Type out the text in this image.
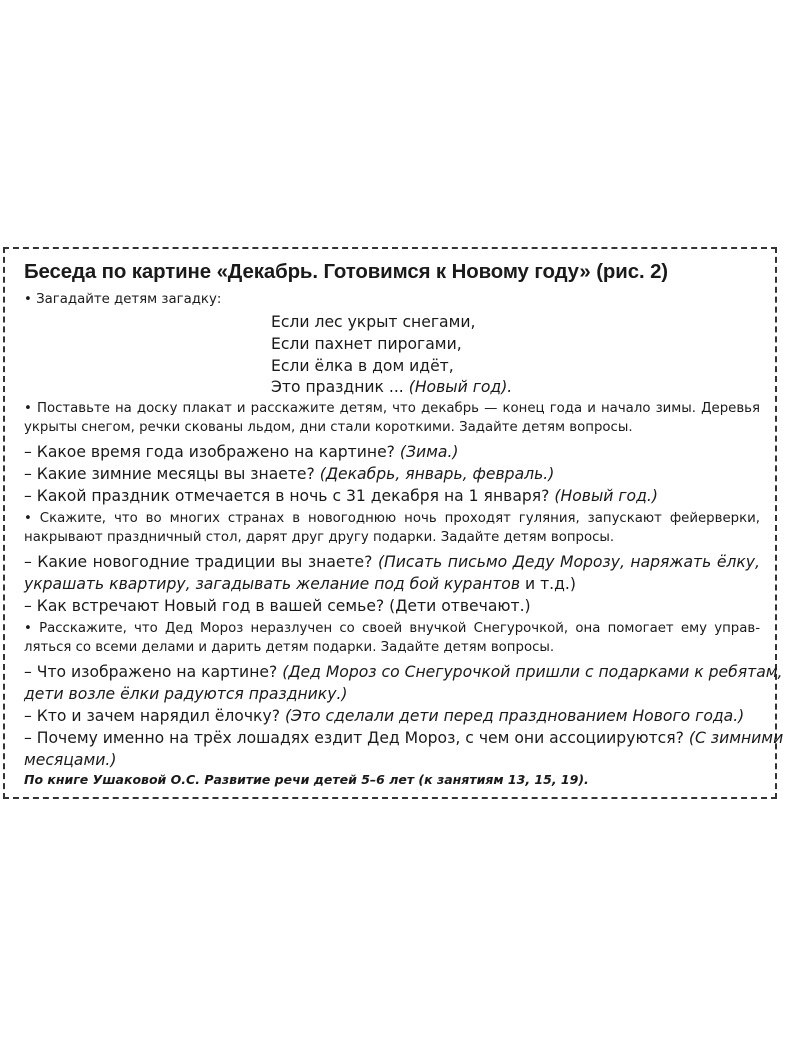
Беседа по картине «Декабрь. Готовимся к Новому году» (рис. 2)
• Загадайте детям загадку:
Если лес укрыт снегами,
Если пахнет пирогами,
Если ёлка в дом идёт,
Это праздник ... (Новый год).
• Поставьте на доску плакат и расскажите детям, что декабрь — конец года и начало зимы. Деревья
укрыты снегом, речки скованы льдом, дни стали короткими. Задайте детям вопросы.
– Какое время года изображено на картине? (Зима.)
– Какие зимние месяцы вы знаете? (Декабрь, январь, февраль.)
– Какой праздник отмечается в ночь с 31 декабря на 1 января? (Новый год.)
• Скажите, что во многих странах в новогоднюю ночь проходят гуляния, запускают фейерверки,
накрывают праздничный стол, дарят друг другу подарки. Задайте детям вопросы.
– Какие новогодние традиции вы знаете? (Писать письмо Деду Морозу, наряжать ёлку,
украшать квартиру, загадывать желание под бой курантов и т.д.)
– Как встречают Новый год в вашей семье? (Дети отвечают.)
• Расскажите, что Дед Мороз неразлучен со своей внучкой Снегурочкой, она помогает ему управ-
ляться со всеми делами и дарить детям подарки. Задайте детям вопросы.
– Что изображено на картине? (Дед Мороз со Снегурочкой пришли с подарками к ребятам,
дети возле ёлки радуются празднику.)
– Кто и зачем нарядил ёлочку? (Это сделали дети перед празднованием Нового года.)
– Почему именно на трёх лошадях ездит Дед Мороз, с чем они ассоциируются? (С зимними
месяцами.)
По книге Ушаковой О.С. Развитие речи детей 5–6 лет (к занятиям 13, 15, 19).
